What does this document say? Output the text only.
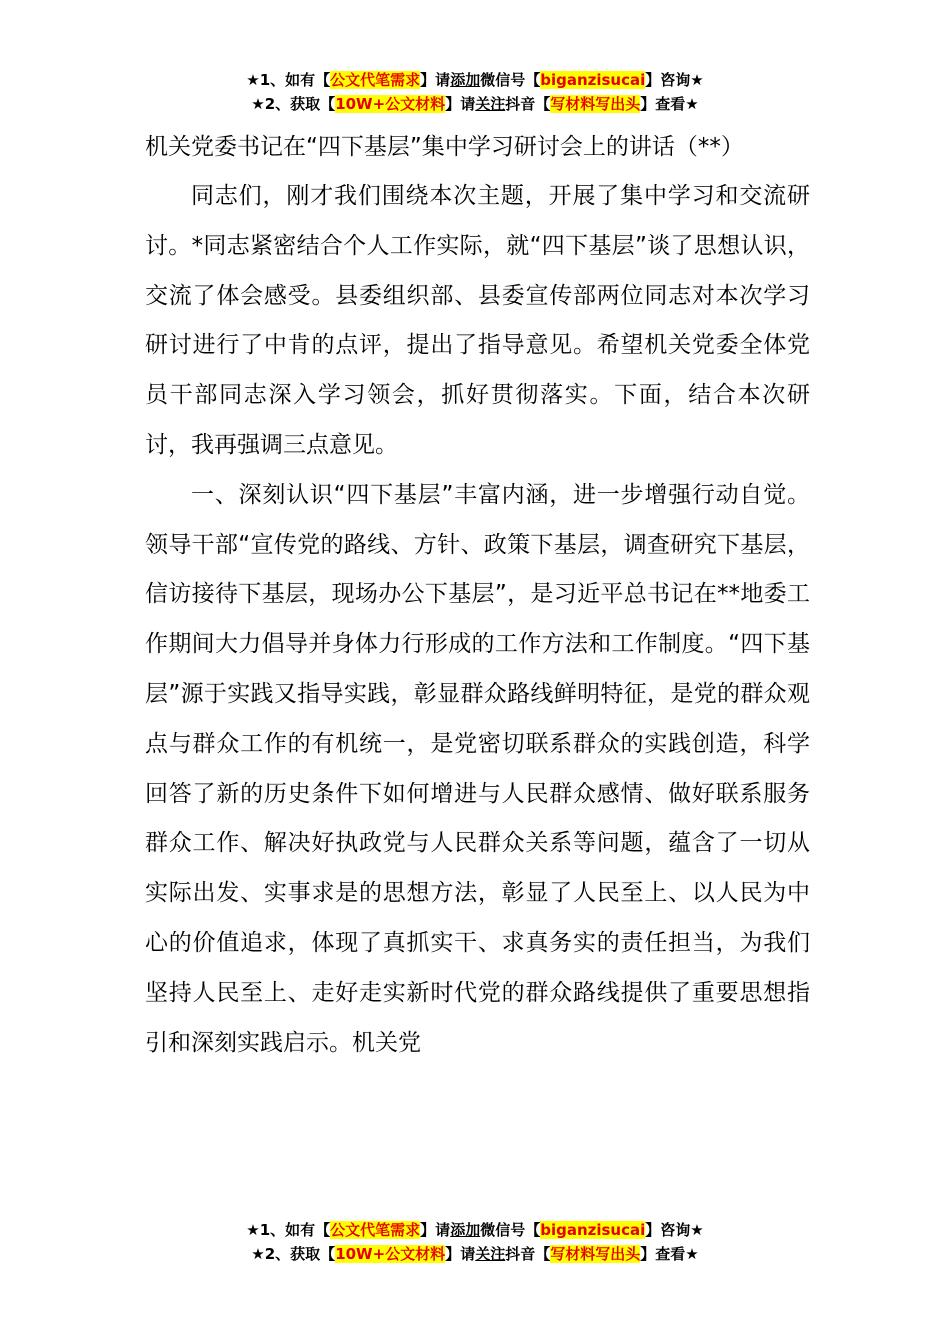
★1、如有【公文代笔需求】请添加微信号【biganzisucai】咨询★
★2、获取【10W+公文材料】请关注抖音【写材料写出头】查看★
机关党委书记在“四下基层”集中学习研讨会上的讲话（**）

同志们，刚才我们围绕本次主题，开展了集中学习和交流研讨。*同志紧密结合个人工作实际，就“四下基层”谈了思想认识，交流了体会感受。县委组织部、县委宣传部两位同志对本次学习研讨进行了中肯的点评，提出了指导意见。希望机关党委全体党员干部同志深入学习领会，抓好贯彻落实。下面，结合本次研讨，我再强调三点意见。

一、深刻认识“四下基层”丰富内涵，进一步增强行动自觉。领导干部“宣传党的路线、方针、政策下基层，调查研究下基层，信访接待下基层，现场办公下基层”，是习近平总书记在**地委工作期间大力倡导并身体力行形成的工作方法和工作制度。“四下基层”源于实践又指导实践，彰显群众路线鲜明特征，是党的群众观点与群众工作的有机统一，是党密切联系群众的实践创造，科学回答了新的历史条件下如何增进与人民群众感情、做好联系服务群众工作、解决好执政党与人民群众关系等问题，蕴含了一切从实际出发、实事求是的思想方法，彰显了人民至上、以人民为中心的价值追求，体现了真抓实干、求真务实的责任担当，为我们坚持人民至上、走好走实新时代党的群众路线提供了重要思想指引和深刻实践启示。机关党

★1、如有【公文代笔需求】请添加微信号【biganzisucai】咨询★
★2、获取【10W+公文材料】请关注抖音【写材料写出头】查看★
